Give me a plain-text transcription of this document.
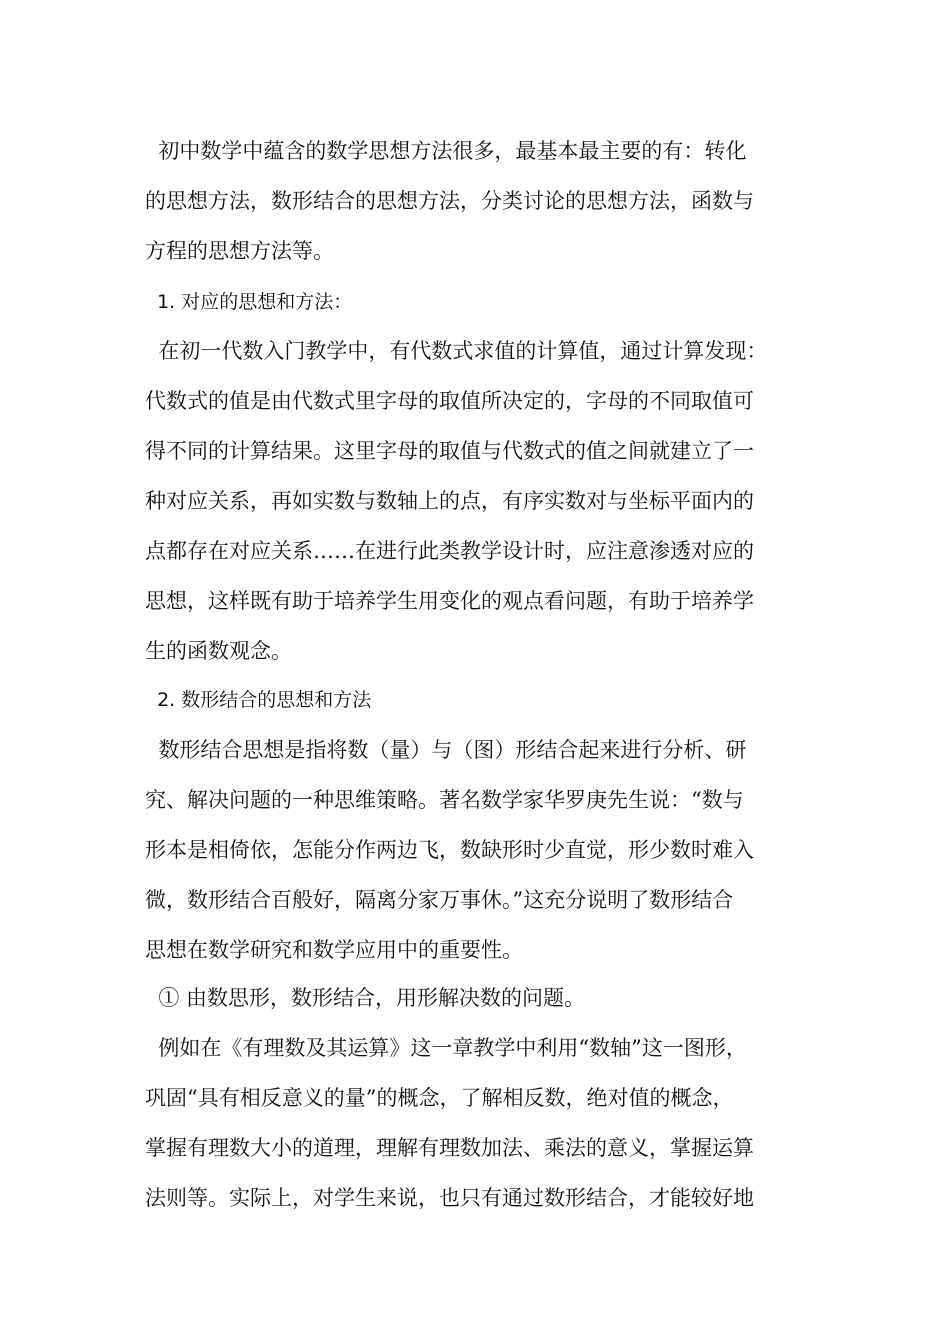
初中数学中蕴含的数学思想方法很多，最基本最主要的有：转化
的思想方法，数形结合的思想方法，分类讨论的思想方法，函数与
方程的思想方法等。
1. 对应的思想和方法：
在初一代数入门教学中，有代数式求值的计算值，通过计算发现：
代数式的值是由代数式里字母的取值所决定的，字母的不同取值可
得不同的计算结果。这里字母的取值与代数式的值之间就建立了一
种对应关系，再如实数与数轴上的点，有序实数对与坐标平面内的
点都存在对应关系……在进行此类教学设计时，应注意渗透对应的
思想，这样既有助于培养学生用变化的观点看问题，有助于培养学
生的函数观念。
2. 数形结合的思想和方法
数形结合思想是指将数（量）与（图）形结合起来进行分析、研
究、解决问题的一种思维策略。著名数学家华罗庚先生说：“数与
形本是相倚依，怎能分作两边飞，数缺形时少直觉，形少数时难入
微，数形结合百般好，隔离分家万事休。”这充分说明了数形结合
思想在数学研究和数学应用中的重要性。
① 由数思形，数形结合，用形解决数的问题。
例如在《有理数及其运算》这一章教学中利用“数轴”这一图形，
巩固“具有相反意义的量”的概念，了解相反数，绝对值的概念，
掌握有理数大小的道理，理解有理数加法、乘法的意义，掌握运算
法则等。实际上，对学生来说，也只有通过数形结合，才能较好地
